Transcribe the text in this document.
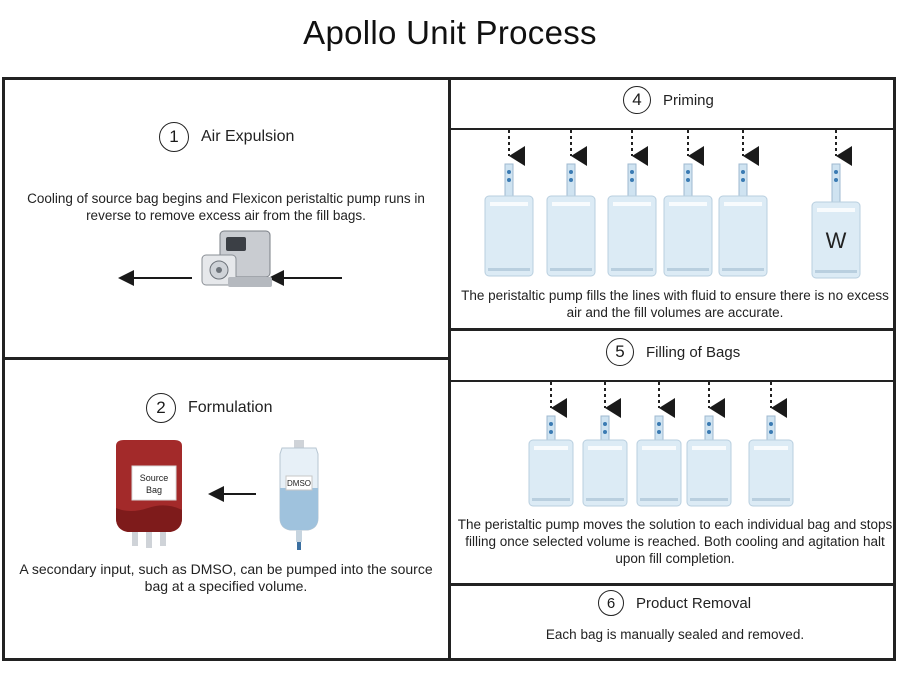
Apollo Unit Process
1	Air Expulsion
Cooling of source bag begins and Flexicon peristaltic pump runs in reverse to remove excess air from the fill bags.
2	Formulation
Source
Bag
DMSO
A secondary input, such as DMSO, can be pumped into the source bag at a specified volume.
4	Priming
W
The peristaltic pump fills the lines with fluid to ensure there is no excess air and the fill volumes are accurate.
5	Filling of Bags
The peristaltic pump moves the solution to each individual bag and stops filling once selected volume is reached. Both cooling and agitation halt upon fill completion.
6	Product Removal
Each bag is manually sealed and removed.
